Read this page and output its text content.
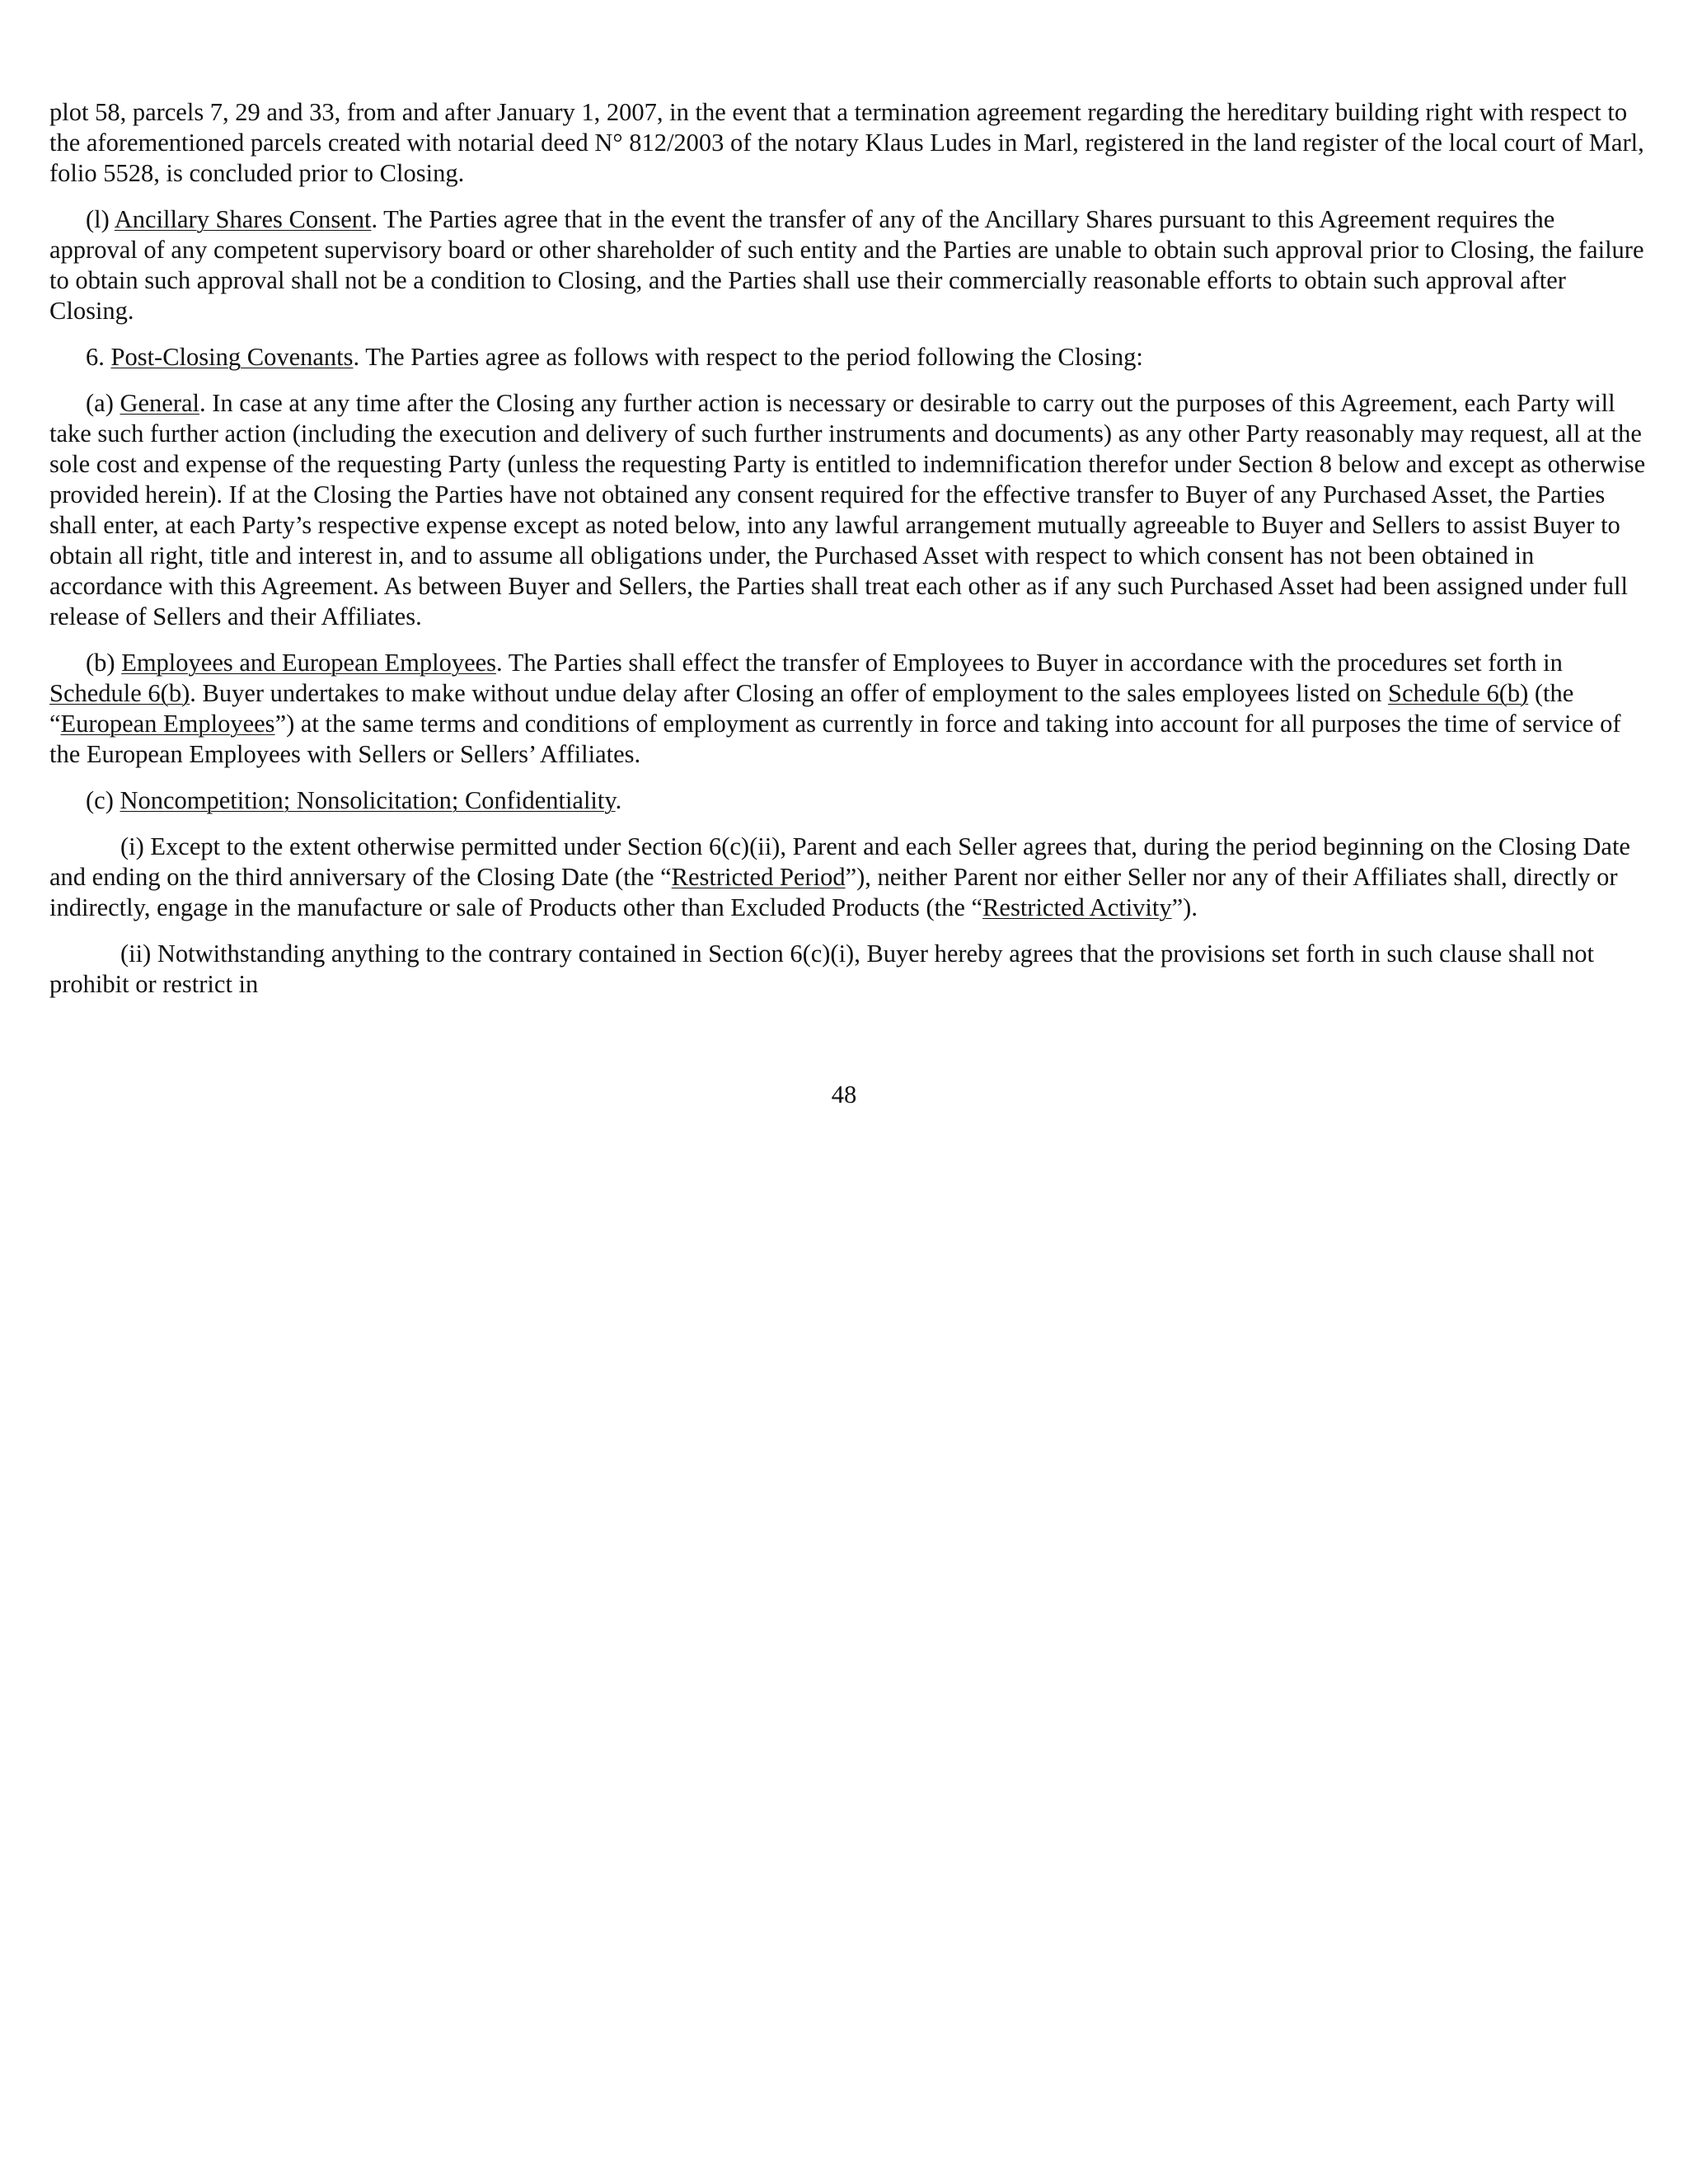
plot 58, parcels 7, 29 and 33, from and after January 1, 2007, in the event that a termination agreement regarding the hereditary building right with respect to the aforementioned parcels created with notarial deed N° 812/2003 of the notary Klaus Ludes in Marl, registered in the land register of the local court of Marl, folio 5528, is concluded prior to Closing.

(l) Ancillary Shares Consent. The Parties agree that in the event the transfer of any of the Ancillary Shares pursuant to this Agreement requires the approval of any competent supervisory board or other shareholder of such entity and the Parties are unable to obtain such approval prior to Closing, the failure to obtain such approval shall not be a condition to Closing, and the Parties shall use their commercially reasonable efforts to obtain such approval after Closing.

6. Post-Closing Covenants. The Parties agree as follows with respect to the period following the Closing:

(a) General. In case at any time after the Closing any further action is necessary or desirable to carry out the purposes of this Agreement, each Party will take such further action (including the execution and delivery of such further instruments and documents) as any other Party reasonably may request, all at the sole cost and expense of the requesting Party (unless the requesting Party is entitled to indemnification therefor under Section 8 below and except as otherwise provided herein). If at the Closing the Parties have not obtained any consent required for the effective transfer to Buyer of any Purchased Asset, the Parties shall enter, at each Party’s respective expense except as noted below, into any lawful arrangement mutually agreeable to Buyer and Sellers to assist Buyer to obtain all right, title and interest in, and to assume all obligations under, the Purchased Asset with respect to which consent has not been obtained in accordance with this Agreement. As between Buyer and Sellers, the Parties shall treat each other as if any such Purchased Asset had been assigned under full release of Sellers and their Affiliates.

(b) Employees and European Employees. The Parties shall effect the transfer of Employees to Buyer in accordance with the procedures set forth in Schedule 6(b). Buyer undertakes to make without undue delay after Closing an offer of employment to the sales employees listed on Schedule 6(b) (the “European Employees”) at the same terms and conditions of employment as currently in force and taking into account for all purposes the time of service of the European Employees with Sellers or Sellers’ Affiliates.

(c) Noncompetition; Nonsolicitation; Confidentiality.

(i) Except to the extent otherwise permitted under Section 6(c)(ii), Parent and each Seller agrees that, during the period beginning on the Closing Date and ending on the third anniversary of the Closing Date (the “Restricted Period”), neither Parent nor either Seller nor any of their Affiliates shall, directly or indirectly, engage in the manufacture or sale of Products other than Excluded Products (the “Restricted Activity”).

(ii) Notwithstanding anything to the contrary contained in Section 6(c)(i), Buyer hereby agrees that the provisions set forth in such clause shall not prohibit or restrict in

48
